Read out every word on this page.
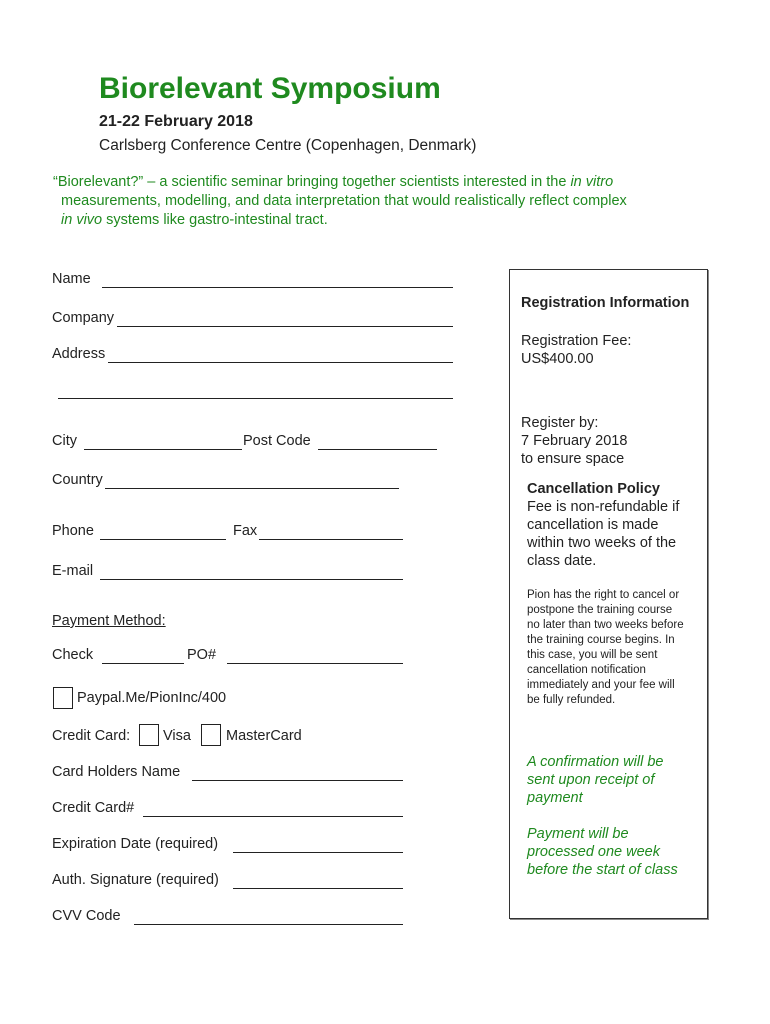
Biorelevant Symposium
21-22 February 2018
Carlsberg Conference Centre (Copenhagen, Denmark)
“Biorelevant?” – a scientific seminar bringing together scientists interested in the in vitro
measurements, modelling, and data interpretation that would realistically reflect complex
in vivo systems like gastro-intestinal tract.
Name
Company
Address
City	Post Code
Country
Phone	Fax
E-mail
Payment Method:
Check	PO#
Paypal.Me/PionInc/400
Credit Card: Visa MasterCard
Card Holders Name
Credit Card#
Expiration Date (required)
Auth. Signature (required)
CVV Code
Registration Information
Registration Fee:
US$400.00
Register by:
7 February 2018
to ensure space
Cancellation Policy
Fee is non-refundable if
cancellation is made
within two weeks of the
class date.
Pion has the right to cancel or
postpone the training course
no later than two weeks before
the training course begins. In
this case, you will be sent
cancellation notification
immediately and your fee will
be fully refunded.
A confirmation will be
sent upon receipt of
payment
Payment will be
processed one week
before the start of class
